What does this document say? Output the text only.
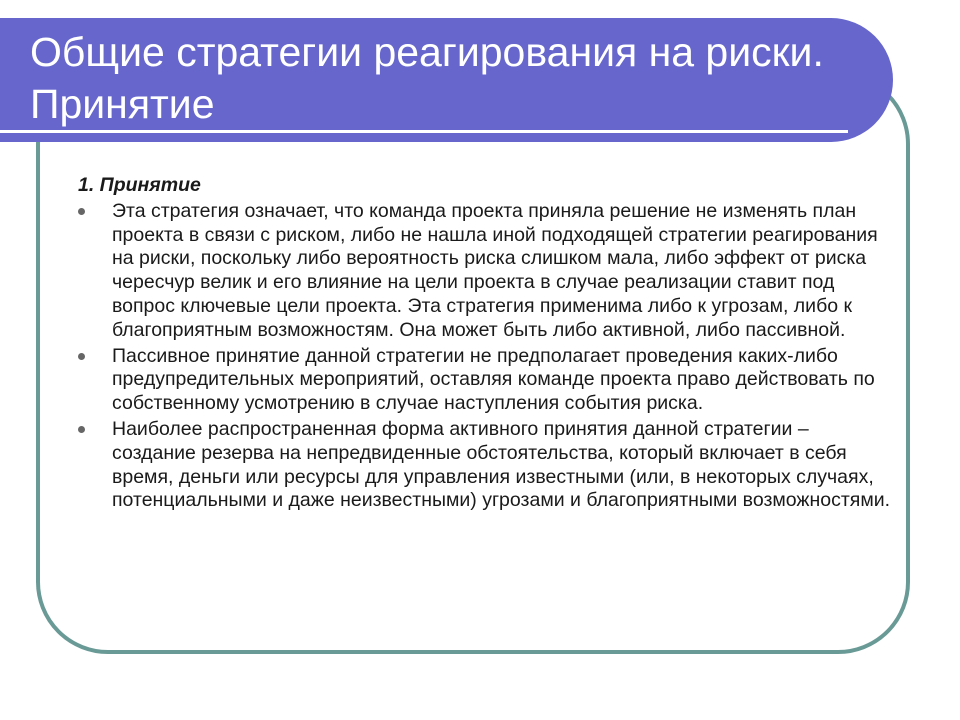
Общие стратегии реагирования на риски. Принятие
1. Принятие
Эта стратегия означает, что команда проекта приняла решение не изменять план проекта в связи с риском, либо не нашла иной подходящей стратегии реагирования на риски, поскольку либо вероятность риска слишком мала, либо эффект от риска чересчур велик и его влияние на цели проекта в случае реализации ставит под вопрос ключевые цели проекта. Эта стратегия применима либо к угрозам, либо к благоприятным возможностям. Она может быть либо активной, либо пассивной.
Пассивное принятие данной стратегии не предполагает проведения каких-либо предупредительных мероприятий, оставляя команде проекта право действовать по собственному усмотрению в случае наступления события риска.
Наиболее распространенная форма активного принятия данной стратегии – создание резерва на непредвиденные обстоятельства, который включает в себя время, деньги или ресурсы для управления известными (или, в некоторых случаях, потенциальными и даже неизвестными) угрозами и благоприятными возможностями.
